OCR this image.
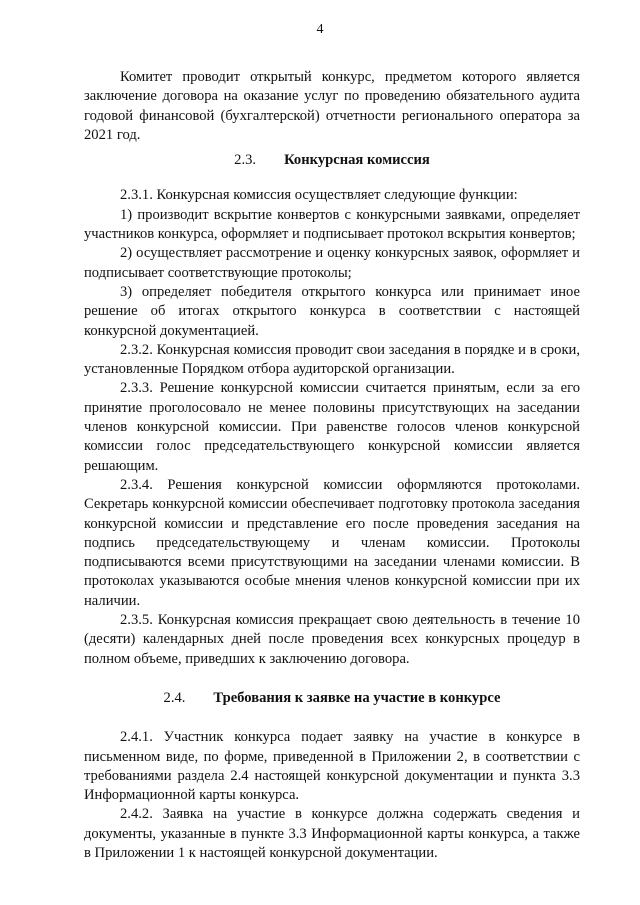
4

Комитет проводит открытый конкурс, предметом которого является заключение договора на оказание услуг по проведению обязательного аудита годовой финансовой (бухгалтерской) отчетности регионального оператора за 2021 год.

2.3. Конкурсная комиссия

2.3.1. Конкурсная комиссия осуществляет следующие функции:

1) производит вскрытие конвертов с конкурсными заявками, определяет участников конкурса, оформляет и подписывает протокол вскрытия конвертов;

2) осуществляет рассмотрение и оценку конкурсных заявок, оформляет и подписывает соответствующие протоколы;

3) определяет победителя открытого конкурса или принимает иное решение об итогах открытого конкурса в соответствии с настоящей конкурсной документацией.

2.3.2. Конкурсная комиссия проводит свои заседания в порядке и в сроки, установленные Порядком отбора аудиторской организации.

2.3.3. Решение конкурсной комиссии считается принятым, если за его принятие проголосовало не менее половины присутствующих на заседании членов конкурсной комиссии. При равенстве голосов членов конкурсной комиссии голос председательствующего конкурсной комиссии является решающим.

2.3.4. Решения конкурсной комиссии оформляются протоколами. Секретарь конкурсной комиссии обеспечивает подготовку протокола заседания конкурсной комиссии и представление его после проведения заседания на подпись председательствующему и членам комиссии. Протоколы подписываются всеми присутствующими на заседании членами комиссии. В протоколах указываются особые мнения членов конкурсной комиссии при их наличии.

2.3.5. Конкурсная комиссия прекращает свою деятельность в течение 10 (десяти) календарных дней после проведения всех конкурсных процедур в полном объеме, приведших к заключению договора.

2.4. Требования к заявке на участие в конкурсе

2.4.1. Участник конкурса подает заявку на участие в конкурсе в письменном виде, по форме, приведенной в Приложении 2, в соответствии с требованиями раздела 2.4 настоящей конкурсной документации и пункта 3.3 Информационной карты конкурса.

2.4.2. Заявка на участие в конкурсе должна содержать сведения и документы, указанные в пункте 3.3 Информационной карты конкурса, а также в Приложении 1 к настоящей конкурсной документации.
